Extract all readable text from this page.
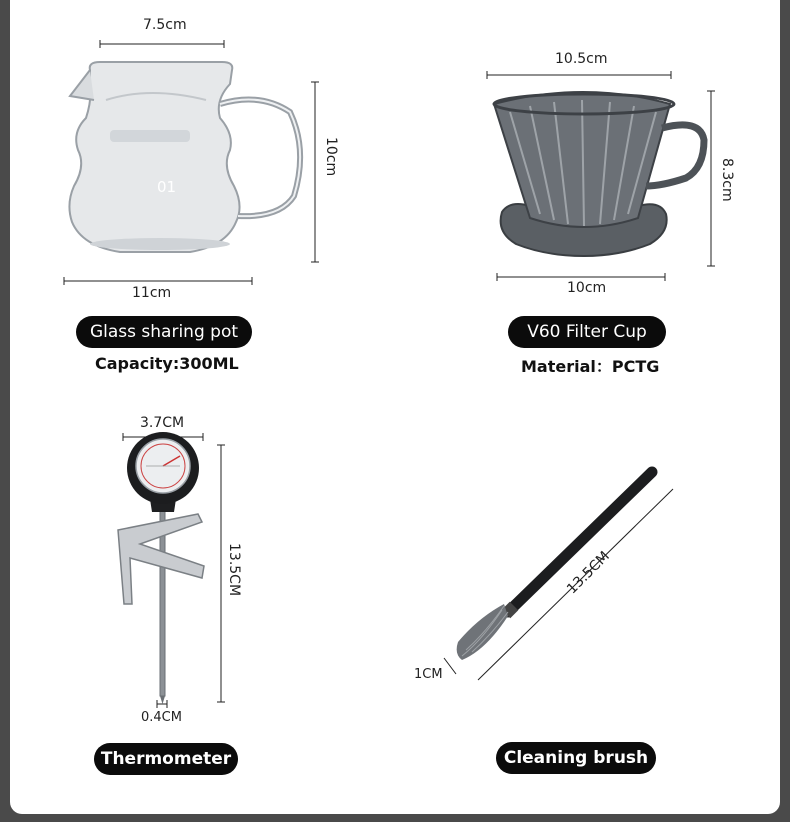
7.5cm
10cm
11cm
01
Glass sharing pot
Capacity:300ML
10.5cm
8.3cm
10cm
V60 Filter Cup
Material：PCTG
3.7CM
13.5CM
0.4CM
Thermometer
13.5CM
1CM
Cleaning brush
